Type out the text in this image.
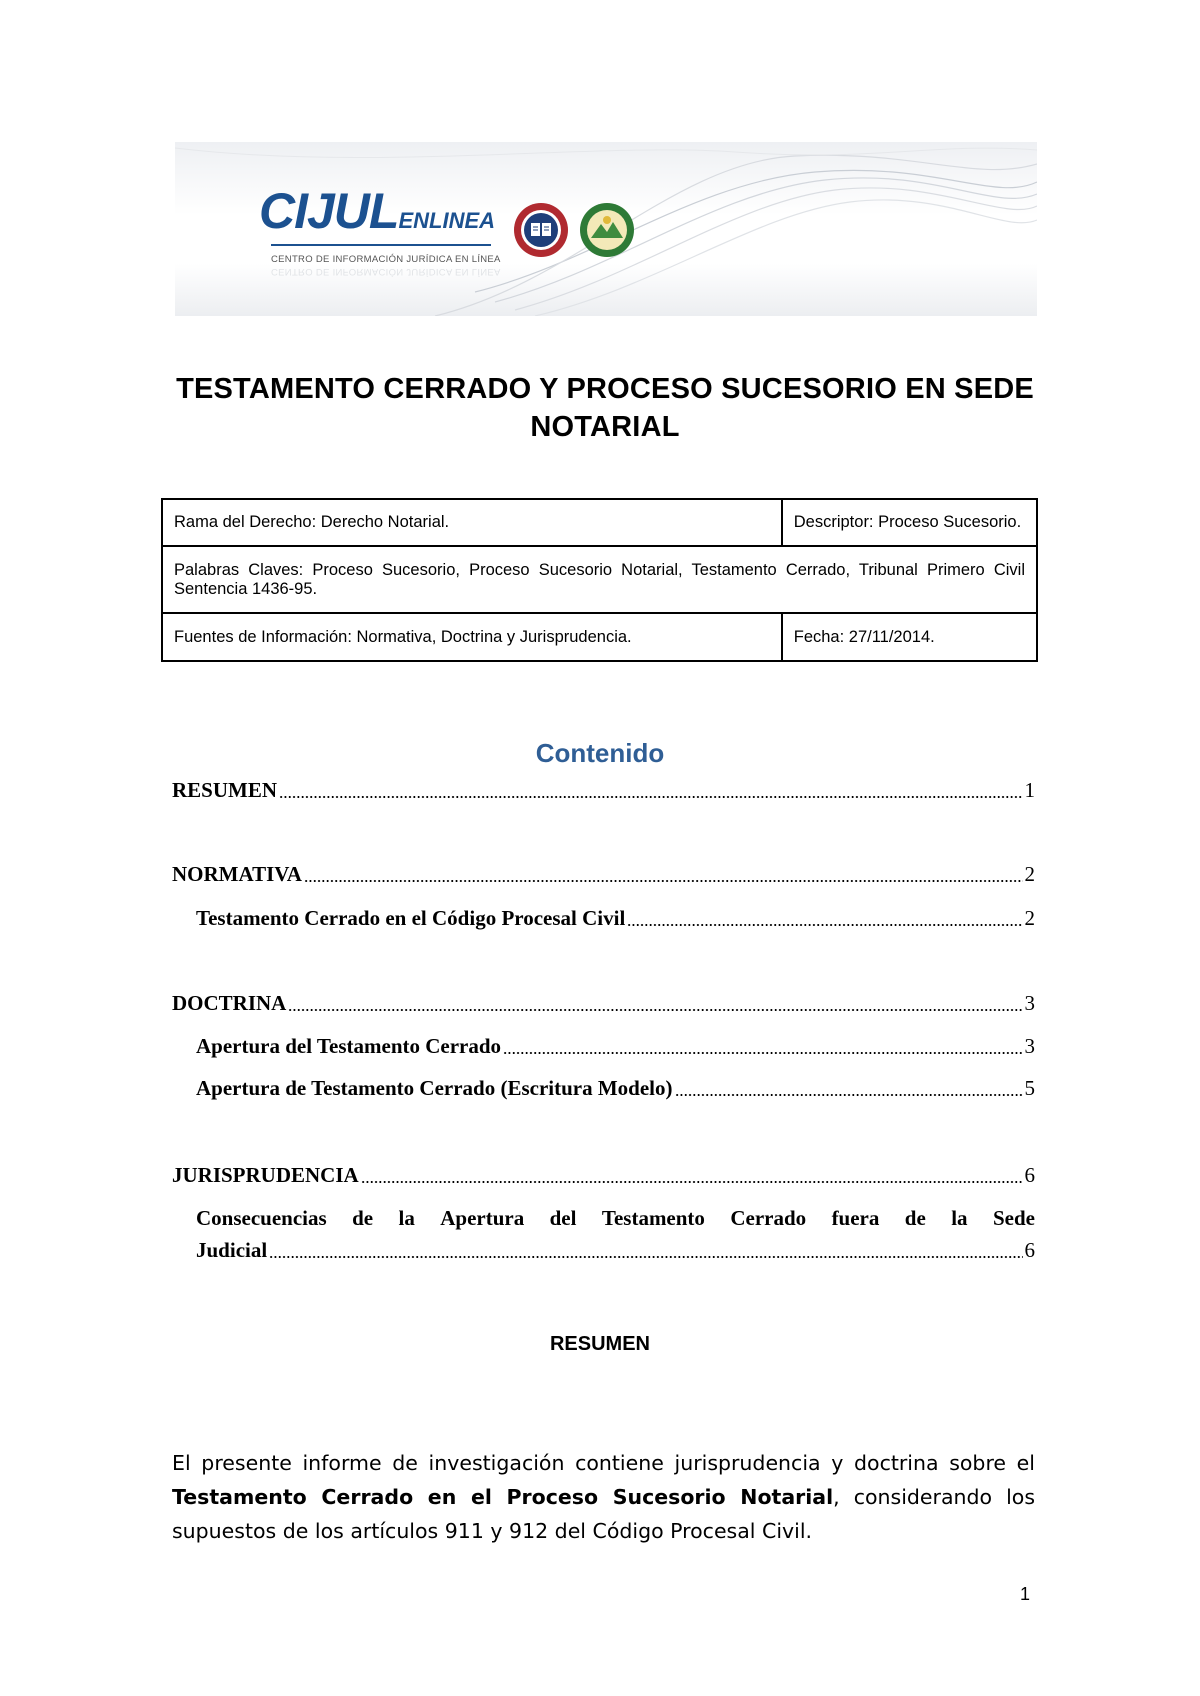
CIJULENLINEA
CENTRO DE INFORMACIÓN JURÍDICA EN LÍNEA
CENTRO DE INFORMACIÓN JURÍDICA EN LÍNEA
TESTAMENTO CERRADO Y PROCESO SUCESORIO EN SEDE NOTARIAL
Rama del Derecho: Derecho Notarial.	Descriptor: Proceso Sucesorio.
Palabras Claves: Proceso Sucesorio, Proceso Sucesorio Notarial, Testamento Cerrado, Tribunal Primero Civil Sentencia 1436-95.	
Fuentes de Información: Normativa, Doctrina y Jurisprudencia.	Fecha: 27/11/2014.
Contenido
RESUMEN	1
NORMATIVA	2
Testamento Cerrado en el Código Procesal Civil	2
DOCTRINA	3
Apertura del Testamento Cerrado	3
Apertura de Testamento Cerrado (Escritura Modelo)	5
JURISPRUDENCIA	6
Consecuencias de la Apertura del Testamento Cerrado fuera de la Sede
Judicial	6
RESUMEN

El presente informe de investigación contiene jurisprudencia y doctrina sobre el Testamento Cerrado en el Proceso Sucesorio Notarial, considerando los supuestos de los artículos 911 y 912 del Código Procesal Civil.

1
